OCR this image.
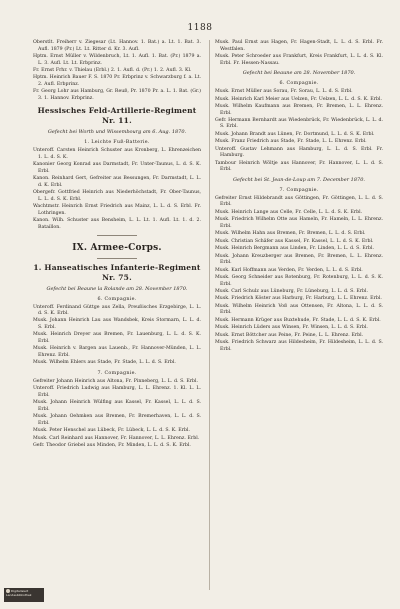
1188

Oberstlt. Freiherr v. Ziegesar (Lt. Hannov. 1. Bat.) a. Lt. 1. Bat. 3. Aufl. 1879 (Pr.) Lt. Lt. Ritter d. Kr. 3. Aufl.

Hptm. Ernst Müller v. Wildenbruch, Lt. 1. Aufl. 1. Bat. (Pr.) 1879 a. L. 3. Aufl. Lt. Lt. Erbprinz.

Fr. Ernst Frhr. v. Thielau (Erbl.) 2. 1. Aufl. d. (Pr.) 1. 2. Aufl. 3. Kl.

Hptm. Heinrich Bauer F. S. 1870 Pr. Erbprinz v. Schwarzburg f. a. Lt. 2. Aufl. Erbprinz.

Fr. Georg Lohr aus Hamburg, Gr. Reuß, Pr. 1870 Pr. a. L. 1. Bat. (Gr.) 3. 1. Hannov. Erbprinz.

Hessisches Feld-Artillerie-Regiment Nr. 11.
Gefecht bei Worth und Wissembourg am 6. Aug. 1870.
1. Leichte Fuß-Batterie.

Unteroff. Carsten Heinrich Schuster aus Kronberg, L. Ehrenzeichen 1. L. d. S. K.

Kanonier Georg Konrad aus Darmstadt, Fr. Unter-Taunus, L. d. S. K. Erbl.

Kanon. Reinhard Gert, Gefreiter aus Bessungen, Fr. Darmstadt, L. L. d. K. Erbl.

Obergefr. Gottfried Heinrich aus Niederhöchstadt, Fr. Ober-Taunus, L. L. d. S. K. Erbl.

Wachtmstr. Heinrich Ernst Friedrich aus Mainz, L. L. d. S. Erbl. Fr. Lothringen.

Kanon. Wilh. Schuster aus Bensheim, L. L. Lt. 1. Aufl. Lt. 1. d. 2. Bataillon.

IX. Armee-Corps.
1. Hanseatisches Infanterie-Regiment Nr. 75.
Gefecht bei Beaune la Rolande am 28. November 1870.
6. Compagnie.

Unteroff. Ferdinand Güttge aus Zella, Preußisches Erzgebirge, L. L. d. S. K. Erbl.

Musk. Johann Heinrich Lau aus Wandsbek, Kreis Stormarn, L. L. d. S. Erbl.

Musk. Heinrich Dreyer aus Bremen, Fr. Lauenburg, L. L. d. S. K. Erbl.

Musk. Heinrich v. Bargen aus Lauenb., Fr. Hannover-Münden, L. L. Ehrenz. Erbl.

Musk. Wilhelm Ehlers aus Stade, Fr. Stade, L. L. d. S. Erbl.

7. Compagnie.

Gefreiter Johann Heinrich aus Altona, Fr. Pinneberg, L. L. d. S. Erbl.

Unteroff. Friedrich Ludwig aus Hamburg, L. L. Ehrenz. 1. Kl. L. L. Erbl.

Musk. Johann Heinrich Wülfing aus Kassel, Fr. Kassel, L. L. d. S. Erbl.

Musk. Johann Oehmken aus Bremen, Fr. Bremerhaven, L. L. d. S. Erbl.

Musk. Peter Henschel aus Lübeck, Fr. Lübeck, L. L. d. S. K. Erbl.

Musk. Carl Reinhard aus Hannover, Fr. Hannover, L. L. Ehrenz. Erbl.

Gefr. Theodor Griebel aus Minden, Fr. Minden, L. L. d. S. K. Erbl.

Musk. Paul Ernst aus Hagen, Fr. Hagen-Stadt, L. L. d. S. Erbl. Fr. Westfalen.

Musk. Peter Schroeder aus Frankfurt, Kreis Frankfurt, L. L. d. S. Kl. Erbl. Fr. Hessen-Nassau.

Gefecht bei Beaune am 28. November 1870.
6. Compagnie.

Musk. Ernst Müller aus Sorau, Fr. Sorau, L. L. d. S. Erbl.

Musk. Heinrich Karl Meier aus Uelzen, Fr. Uelzen, L. L. d. S. K. Erbl.

Musk. Wilhelm Kaufmann aus Bremen, Fr. Bremen, L. L. Ehrenz. Erbl.

Gefr. Hermann Bernhardt aus Wiedenbrück, Fr. Wiedenbrück, L. L. d. S. Erbl.

Musk. Johann Brandt aus Lünen, Fr. Dortmund, L. L. d. S. K. Erbl.

Musk. Franz Friedrich aus Stade, Fr. Stade, L. L. Ehrenz. Erbl.

Unteroff. Gustav Lehmann aus Hamburg, L. L. d. S. Erbl. Fr. Hamburg.

Tambour Heinrich Wöltje aus Hannover, Fr. Hannover, L. L. d. S. Erbl.

Gefecht bei St. Jean-de-Loup am 7. December 1870.
7. Compagnie.

Gefreiter Ernst Hildebrandt aus Göttingen, Fr. Göttingen, L. L. d. S. Erbl.

Musk. Heinrich Lange aus Celle, Fr. Celle, L. L. d. S. K. Erbl.

Musk. Friedrich Wilhelm Otte aus Hameln, Fr. Hameln, L. L. Ehrenz. Erbl.

Musk. Wilhelm Hahn aus Bremen, Fr. Bremen, L. L. d. S. Erbl.

Musk. Christian Schäfer aus Kassel, Fr. Kassel, L. L. d. S. K. Erbl.

Musk. Heinrich Bergmann aus Linden, Fr. Linden, L. L. d. S. Erbl.

Musk. Johann Kreuzberger aus Bremen, Fr. Bremen, L. L. Ehrenz. Erbl.

Musk. Karl Hoffmann aus Verden, Fr. Verden, L. L. d. S. Erbl.

Musk. Georg Schneider aus Rotenburg, Fr. Rotenburg, L. L. d. S. K. Erbl.

Musk. Carl Schulz aus Lüneburg, Fr. Lüneburg, L. L. d. S. Erbl.

Musk. Friedrich Köster aus Harburg, Fr. Harburg, L. L. Ehrenz. Erbl.

Musk. Wilhelm Heinrich Voß aus Ottensen, Fr. Altona, L. L. d. S. Erbl.

Musk. Hermann Krüger aus Buxtehude, Fr. Stade, L. L. d. S. K. Erbl.

Musk. Heinrich Lüders aus Winsen, Fr. Winsen, L. L. d. S. Erbl.

Musk. Ernst Böttcher aus Peine, Fr. Peine, L. L. Ehrenz. Erbl.

Musk. Friedrich Schwarz aus Hildesheim, Fr. Hildesheim, L. L. d. S. Erbl.

Digitalisiert
Landesbibliothek
